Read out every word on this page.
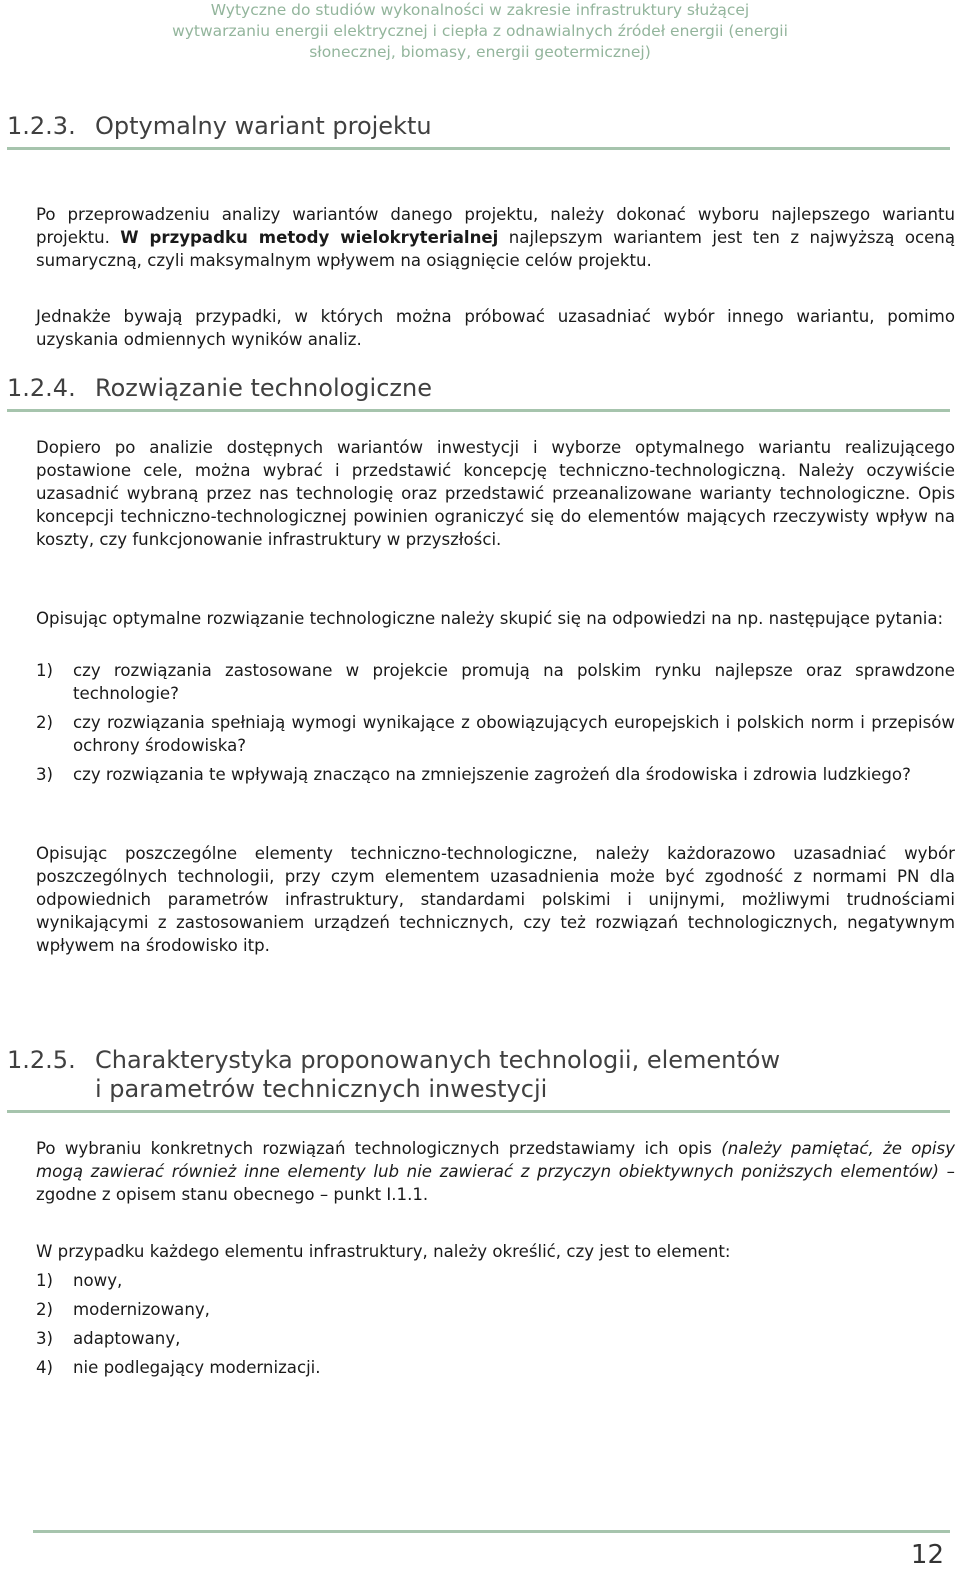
Wytyczne do studiów wykonalności w zakresie infrastruktury służącej
wytwarzaniu energii elektrycznej i ciepła z odnawialnych źródeł energii (energii
słonecznej, biomasy, energii geotermicznej)
1.2.3. Optymalny wariant projektu
Po przeprowadzeniu analizy wariantów danego projektu, należy dokonać wyboru najlepszego wariantu projektu. W przypadku metody wielokryterialnej najlepszym wariantem jest ten z najwyższą oceną sumaryczną, czyli maksymalnym wpływem na osiągnięcie celów projektu.
Jednakże bywają przypadki, w których można próbować uzasadniać wybór innego wariantu, pomimo uzyskania odmiennych wyników analiz.
1.2.4. Rozwiązanie technologiczne
Dopiero po analizie dostępnych wariantów inwestycji i wyborze optymalnego wariantu realizującego postawione cele, można wybrać i przedstawić koncepcję techniczno-technologiczną. Należy oczywiście uzasadnić wybraną przez nas technologię oraz przedstawić przeanalizowane warianty technologiczne. Opis koncepcji techniczno-technologicznej powinien ograniczyć się do elementów mających rzeczywisty wpływ na koszty, czy funkcjonowanie infrastruktury w przyszłości.
Opisując optymalne rozwiązanie technologiczne należy skupić się na odpowiedzi na np. następujące pytania:
1) czy rozwiązania zastosowane w projekcie promują na polskim rynku najlepsze oraz sprawdzone technologie?
2) czy rozwiązania spełniają wymogi wynikające z obowiązujących europejskich i polskich norm i przepisów ochrony środowiska?
3) czy rozwiązania te wpływają znacząco na zmniejszenie zagrożeń dla środowiska i zdrowia ludzkiego?
Opisując poszczególne elementy techniczno-technologiczne, należy każdorazowo uzasadniać wybór poszczególnych technologii, przy czym elementem uzasadnienia może być zgodność z normami PN dla odpowiednich parametrów infrastruktury, standardami polskimi i unijnymi, możliwymi trudnościami wynikającymi z zastosowaniem urządzeń technicznych, czy też rozwiązań technologicznych, negatywnym wpływem na środowisko itp.
1.2.5. Charakterystyka proponowanych technologii, elementów
i parametrów technicznych inwestycji
Po wybraniu konkretnych rozwiązań technologicznych przedstawiamy ich opis (należy pamiętać, że opisy mogą zawierać również inne elementy lub nie zawierać z przyczyn obiektywnych poniższych elementów) – zgodne z opisem stanu obecnego – punkt I.1.1.
W przypadku każdego elementu infrastruktury, należy określić, czy jest to element:
1) nowy,
2) modernizowany,
3) adaptowany,
4) nie podlegający modernizacji.
12
